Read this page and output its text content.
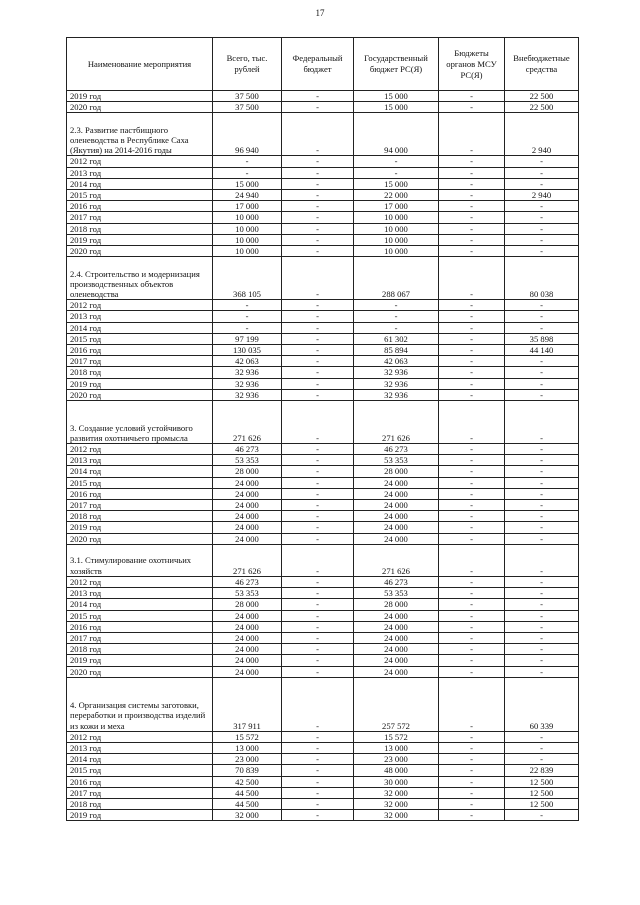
17
Наименование мероприятия	Всего, тыс. рублей	Федеральный бюджет	Государственный бюджет РС(Я)	Бюджеты органов МСУ РС(Я)	Внебюджетные средства
2019 год	37 500	-	15 000	-	22 500
2020 год	37 500	-	15 000	-	22 500
2.3. Развитие пастбищного оленеводства в Республике Саха (Якутия) на 2014-2016 годы	96 940	-	94 000	-	2 940
2012 год	-	-	-	-	-
2013 год	-	-	-	-	-
2014 год	15 000	-	15 000	-	-
2015 год	24 940	-	22 000	-	2 940
2016 год	17 000	-	17 000	-	-
2017 год	10 000	-	10 000	-	-
2018 год	10 000	-	10 000	-	-
2019 год	10 000	-	10 000	-	-
2020 год	10 000	-	10 000	-	-
2.4. Строительство и модернизация производственных объектов оленеводства	368 105	-	288 067	-	80 038
2012 год	-	-	-	-	-
2013 год	-	-	-	-	-
2014 год	-	-	-	-	-
2015 год	97 199	-	61 302	-	35 898
2016 год	130 035	-	85 894	-	44 140
2017 год	42 063	-	42 063	-	-
2018 год	32 936	-	32 936	-	-
2019 год	32 936	-	32 936	-	-
2020 год	32 936	-	32 936	-	-
3. Создание условий устойчивого развития охотничьего промысла	271 626	-	271 626	-	-
2012 год	46 273	-	46 273	-	-
2013 год	53 353	-	53 353	-	-
2014 год	28 000	-	28 000	-	-
2015 год	24 000	-	24 000	-	-
2016 год	24 000	-	24 000	-	-
2017 год	24 000	-	24 000	-	-
2018 год	24 000	-	24 000	-	-
2019 год	24 000	-	24 000	-	-
2020 год	24 000	-	24 000	-	-
3.1. Стимулирование охотничьих хозяйств	271 626	-	271 626	-	-
2012 год	46 273	-	46 273	-	-
2013 год	53 353	-	53 353	-	-
2014 год	28 000	-	28 000	-	-
2015 год	24 000	-	24 000	-	-
2016 год	24 000	-	24 000	-	-
2017 год	24 000	-	24 000	-	-
2018 год	24 000	-	24 000	-	-
2019 год	24 000	-	24 000	-	-
2020 год	24 000	-	24 000	-	-
4. Организация системы заготовки, переработки и производства изделий из кожи и меха	317 911	-	257 572	-	60 339
2012 год	15 572	-	15 572	-	-
2013 год	13 000	-	13 000	-	-
2014 год	23 000	-	23 000	-	-
2015 год	70 839	-	48 000	-	22 839
2016 год	42 500	-	30 000	-	12 500
2017 год	44 500	-	32 000	-	12 500
2018 год	44 500	-	32 000	-	12 500
2019 год	32 000	-	32 000	-	-
